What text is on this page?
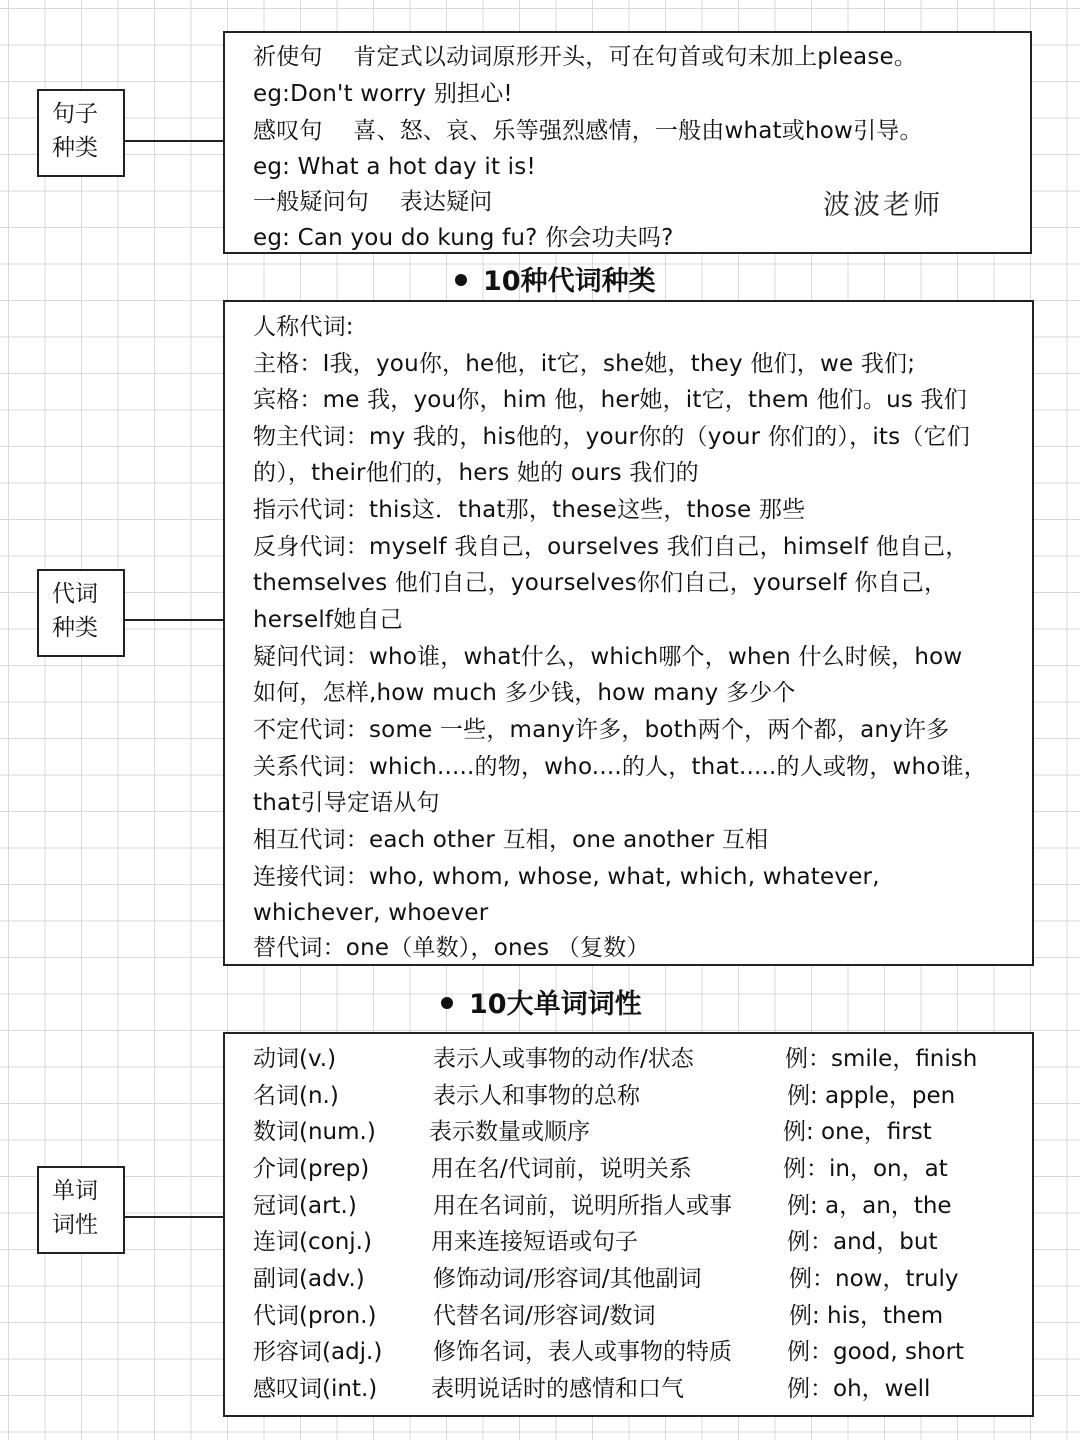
句子
种类
祈使句　 肯定式以动词原形开头，可在句首或句末加上please。
eg:Don't worry 别担心!
感叹句　 喜、怒、哀、乐等强烈感情，一般由what或how引导。
eg: What a hot day it is!
一般疑问句　 表达疑问
eg: Can you do kung fu? 你会功夫吗?
波波老师
10种代词种类
代词
种类
人称代词:
主格：I我，you你，he他，it它，she她，they 他们，we 我们;
宾格：me 我，you你，him 他，her她，it它，them 他们。us 我们
物主代词：my 我的，his他的，your你的（your 你们的），its（它们
的），their他们的，hers 她的 ours 我们的
指示代词：this这．that那，these这些，those 那些
反身代词：myself 我自己，ourselves 我们自己，himself 他自己，
themselves 他们自己，yourselves你们自己，yourself 你自己，
herself她自己
疑问代词：who谁，what什么，which哪个，when 什么时候，how
如何，怎样,how much 多少钱，how many 多少个
不定代词：some 一些，many许多，both两个，两个都，any许多
关系代词：which.....的物，who....的人，that.....的人或物，who谁，
that引导定语从句
相互代词：each other 互相，one another 互相
连接代词：who, whom, whose, what, which, whatever,
whichever, whoever
替代词：one（单数），ones （复数）
10大单词词性
单词
词性
动词(v.)	表示人或事物的动作/状态	例：smile，finish
名词(n.)	表示人和事物的总称	例: apple，pen
数词(num.) 表示数量或顺序	例: one，first
介词(prep)	用在名/代词前，说明关系	例：in，on，at
冠词(art.)	用在名词前，说明所指人或事 例: a，an，the
连词(conj.)	用来连接短语或句子	例：and，but
副词(adv.)	修饰动词/形容词/其他副词	例：now，truly
代词(pron.) 代替名词/形容词/数词	例: his，them
形容词(adj.) 修饰名词，表人或事物的特质 例：good, short
感叹词(int.) 表明说话时的感情和口气	例：oh，well
